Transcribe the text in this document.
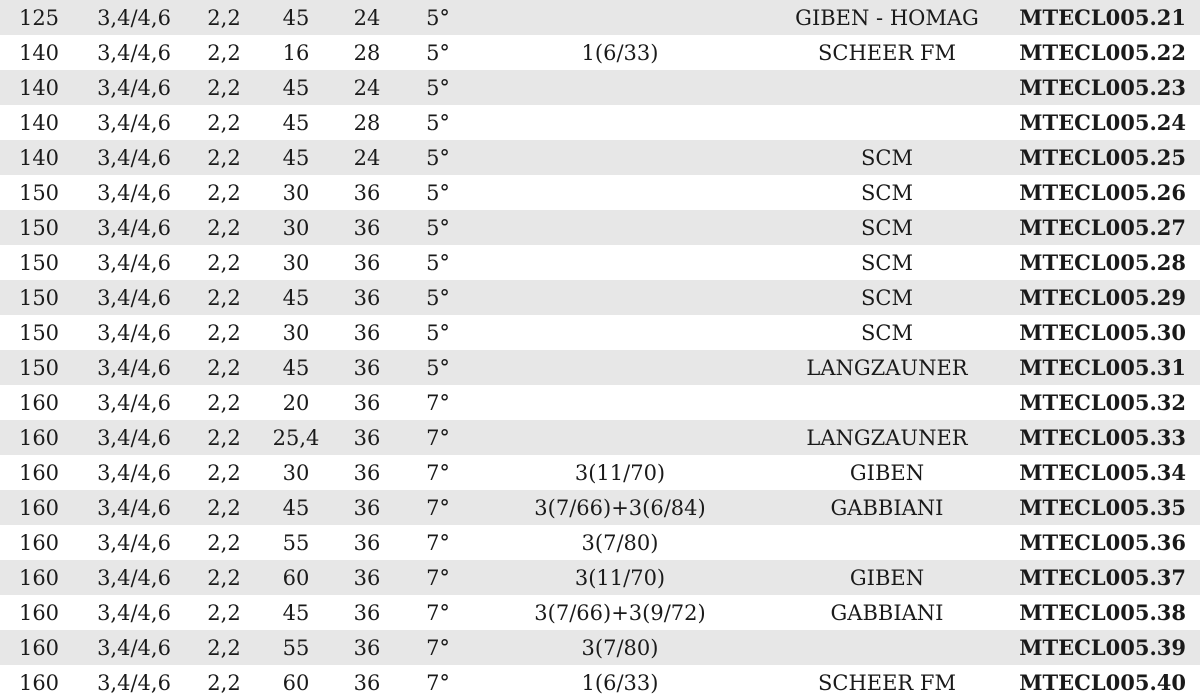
125	3,4/4,6	2,2	45	24	5°		GIBEN - HOMAG	MTECL005.21
140	3,4/4,6	2,2	16	28	5°	1(6/33)	SCHEER FM	MTECL005.22
140	3,4/4,6	2,2	45	24	5°			MTECL005.23
140	3,4/4,6	2,2	45	28	5°			MTECL005.24
140	3,4/4,6	2,2	45	24	5°		SCM	MTECL005.25
150	3,4/4,6	2,2	30	36	5°		SCM	MTECL005.26
150	3,4/4,6	2,2	30	36	5°		SCM	MTECL005.27
150	3,4/4,6	2,2	30	36	5°		SCM	MTECL005.28
150	3,4/4,6	2,2	45	36	5°		SCM	MTECL005.29
150	3,4/4,6	2,2	30	36	5°		SCM	MTECL005.30
150	3,4/4,6	2,2	45	36	5°		LANGZAUNER	MTECL005.31
160	3,4/4,6	2,2	20	36	7°			MTECL005.32
160	3,4/4,6	2,2	25,4	36	7°		LANGZAUNER	MTECL005.33
160	3,4/4,6	2,2	30	36	7°	3(11/70)	GIBEN	MTECL005.34
160	3,4/4,6	2,2	45	36	7°	3(7/66)+3(6/84)	GABBIANI	MTECL005.35
160	3,4/4,6	2,2	55	36	7°	3(7/80)		MTECL005.36
160	3,4/4,6	2,2	60	36	7°	3(11/70)	GIBEN	MTECL005.37
160	3,4/4,6	2,2	45	36	7°	3(7/66)+3(9/72)	GABBIANI	MTECL005.38
160	3,4/4,6	2,2	55	36	7°	3(7/80)		MTECL005.39
160	3,4/4,6	2,2	60	36	7°	1(6/33)	SCHEER FM	MTECL005.40
